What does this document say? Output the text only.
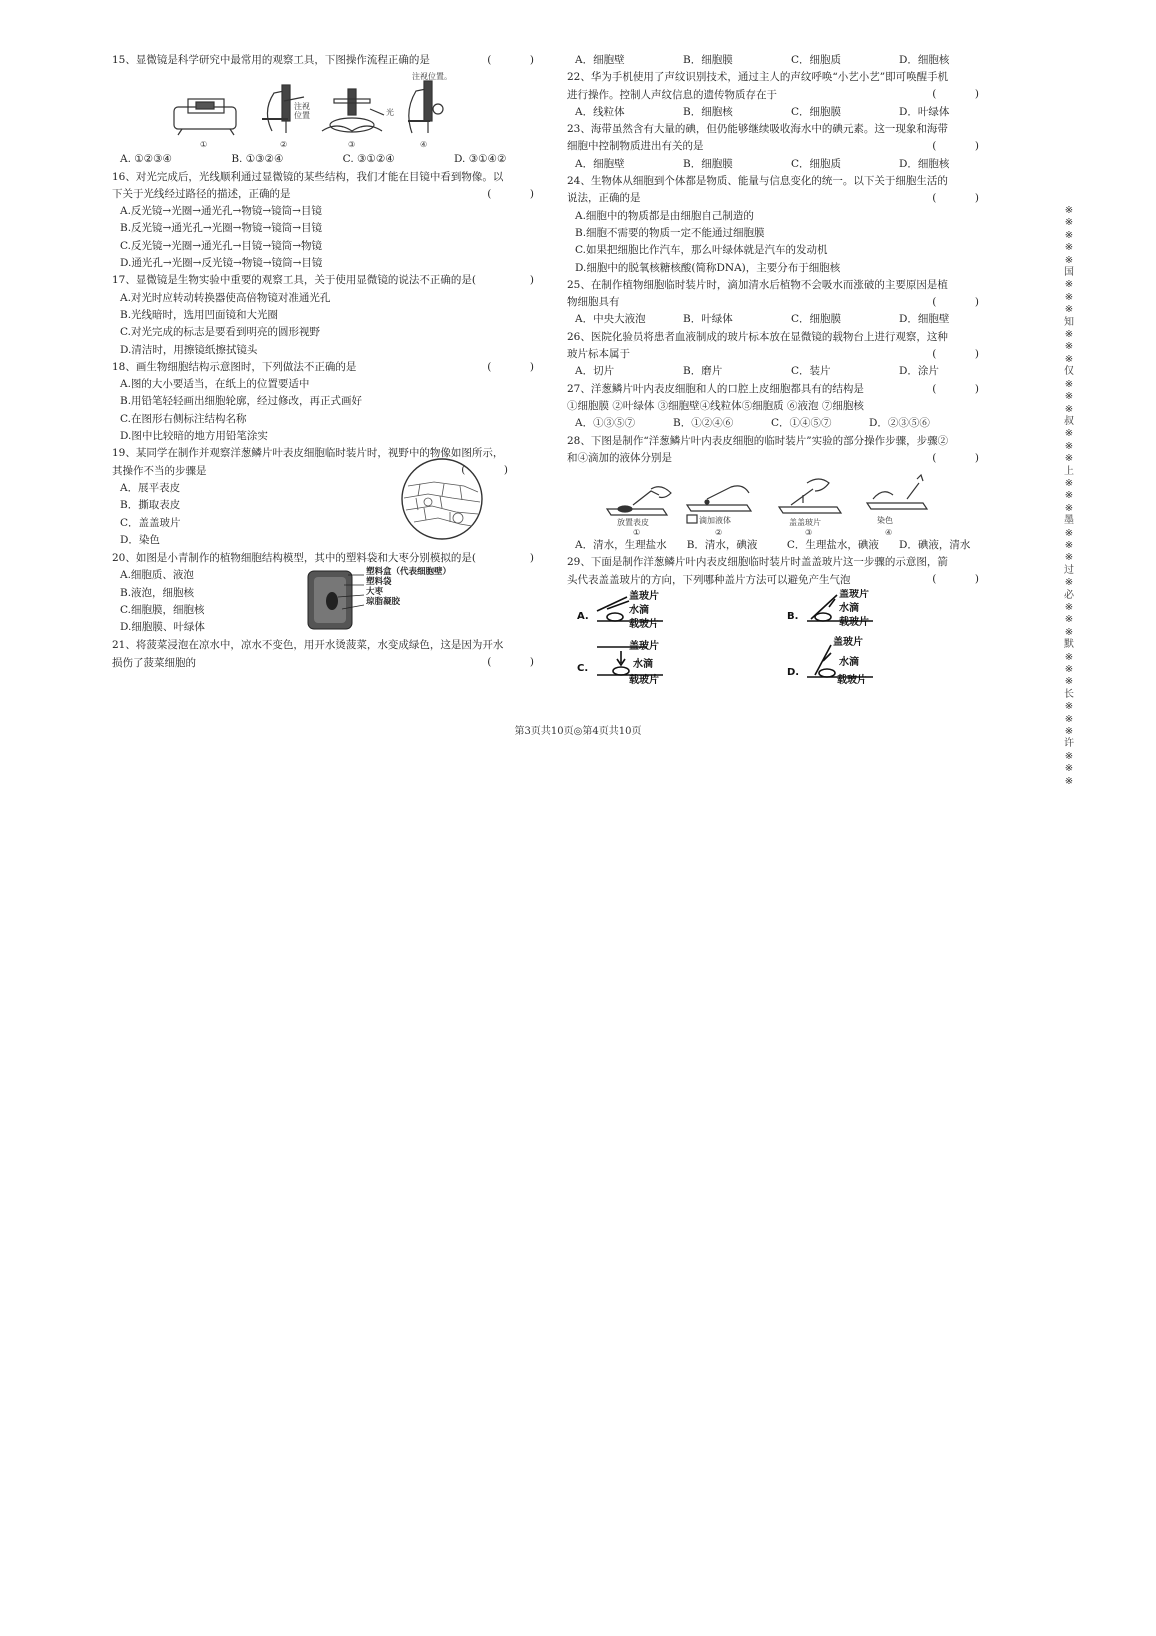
15、显微镜是科学研究中最常用的观察工具，下图操作流程正确的是	(　)
注视位置。
①
注视
位置
②
光
③	④
A. ①②③④	B. ①③②④	C. ③①②④	D. ③①④②
16、对光完成后，光线顺利通过显微镜的某些结构，我们才能在目镜中看到物像。以下关于光线经过路径的描述，正确的是	(　)
A.反光镜→光圈→通光孔→物镜→镜筒→目镜
B.反光镜→通光孔→光圈→物镜→镜筒→目镜
C.反光镜→光圈→通光孔→目镜→镜筒→物镜
D.通光孔→光圈→反光镜→物镜→镜筒→目镜
17、显微镜是生物实验中重要的观察工具，关于使用显微镜的说法不正确的是(	)
A.对光时应转动转换器使高倍物镜对准通光孔
B.光线暗时，选用凹面镜和大光圈
C.对光完成的标志是要看到明亮的圆形视野
D.清洁时，用擦镜纸擦拭镜头
18、画生物细胞结构示意图时，下列做法不正确的是	(　)
A.图的大小要适当，在纸上的位置要适中
B.用铅笔轻轻画出细胞轮廓，经过修改，再正式画好
C.在图形右侧标注结构名称
D.图中比较暗的地方用铅笔涂实
19、某同学在制作并观察洋葱鳞片叶表皮细胞临时装片时，视野中的物像如图所示，其操作不当的步骤是	(　)
A．展平表皮
B．撕取表皮
C．盖盖玻片
D．染色
20、如图是小青制作的植物细胞结构模型，其中的塑料袋和大枣分别模拟的是(	)
A.细胞质、液泡
B.液泡，细胞核
C.细胞膜，细胞核
D.细胞膜、叶绿体
塑料盒（代表细胞壁）
塑料袋
大枣
琼脂凝胶
21、将菠菜浸泡在凉水中，凉水不变色，用开水烫菠菜，水变成绿色，这是因为开水损伤了菠菜细胞的	(　)
A．细胞壁	B．细胞膜	C．细胞质	D．细胞核
22、华为手机使用了声纹识别技术，通过主人的声纹呼唤“小艺小艺”即可唤醒手机进行操作。控制人声纹信息的遗传物质存在于	(　)
A．线粒体	B．细胞核	C．细胞膜	D．叶绿体
23、海带虽然含有大量的碘，但仍能够继续吸收海水中的碘元素。这一现象和海带细胞中控制物质进出有关的是	(　)
A．细胞壁	B．细胞膜	C．细胞质	D．细胞核
24、生物体从细胞到个体都是物质、能量与信息变化的统一。以下关于细胞生活的说法，正确的是	(　)
A.细胞中的物质都是由细胞自己制造的
B.细胞不需要的物质一定不能通过细胞膜
C.如果把细胞比作汽车，那么叶绿体就是汽车的发动机
D.细胞中的脱氧核糖核酸(简称DNA)，主要分布于细胞核
25、在制作植物细胞临时装片时，滴加清水后植物不会吸水而涨破的主要原因是植物细胞具有	(　)
A．中央大液泡	B．叶绿体	C．细胞膜	D．细胞壁
26、医院化验员将患者血液制成的玻片标本放在显微镜的载物台上进行观察，这种玻片标本属于	(　)
A．切片	B．磨片	C．装片	D．涂片
27、洋葱鳞片叶内表皮细胞和人的口腔上皮细胞都具有的结构是	(　)
①细胞膜 ②叶绿体 ③细胞壁④线粒体⑤细胞质 ⑥液泡 ⑦细胞核
A．①③⑤⑦	B．①②④⑥	C．①④⑤⑦	D．②③⑤⑥
28、下图是制作“洋葱鳞片叶内表皮细胞的临时装片”实验的部分操作步骤，步骤②和④滴加的液体分别是	(　)
放置表皮
①
滴加液体
②
盖盖玻片
③
染色
④
A．清水，生理盐水 B．清水，碘液	C．生理盐水，碘液 D．碘液，清水
29、下面是制作洋葱鳞片叶内表皮细胞临时装片时盖盖玻片这一步骤的示意图，箭头代表盖盖玻片的方向，下列哪种盖片方法可以避免产生气泡	(　)
A.
盖玻片
水滴
载玻片
B.
盖玻片
水滴
载玻片
C.
盖玻片
水滴
载玻片
D.
盖玻片
水滴
载玻片
※※※※※国※※※知※※※仅※※※叔※※※上※※※墨※※※过※必※※※默※※※长※※※许※※※
第3页共10页◎第4页共10页
